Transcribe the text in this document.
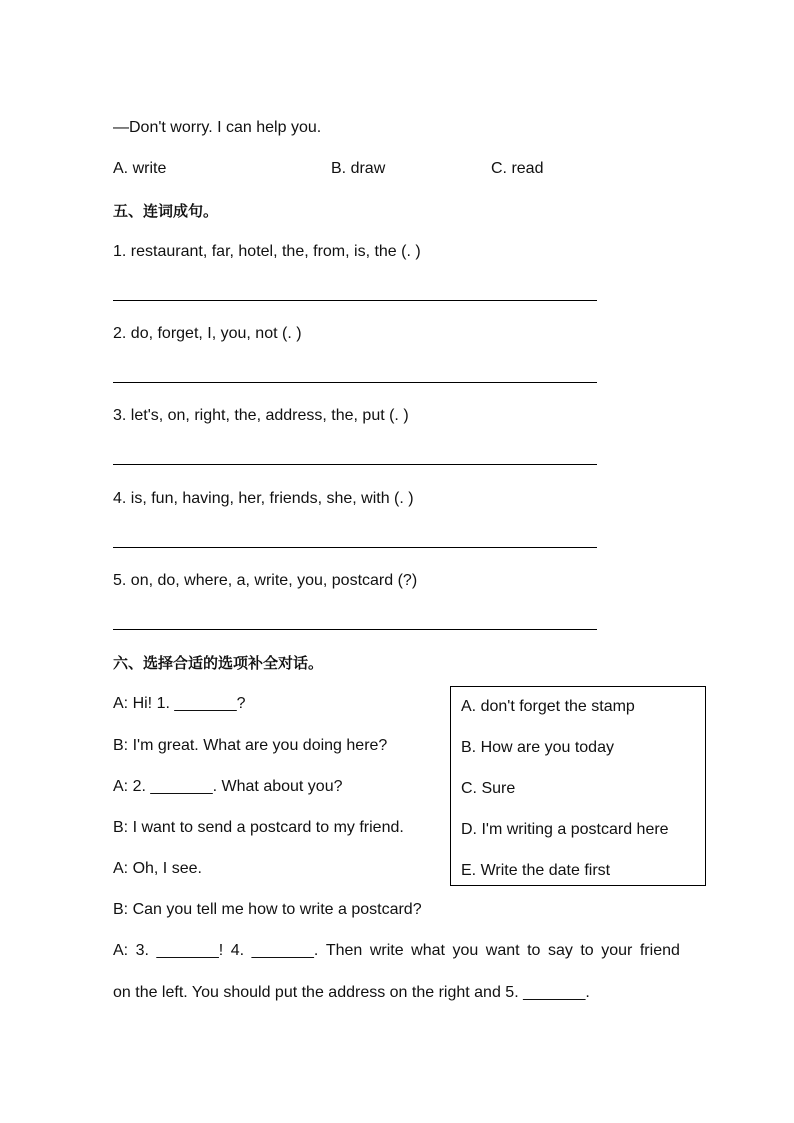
—Don't worry. I can help you.
A. write	B. draw	C. read
五、连词成句。
1. restaurant, far, hotel, the, from, is, the (. )
2. do, forget, I, you, not (. )
3. let's, on, right, the, address, the, put (. )
4. is, fun, having, her, friends, she, with (. )
5. on, do, where, a, write, you, postcard (?)
六、选择合适的选项补全对话。
A: Hi! 1. _______?
B: I'm great. What are you doing here?
A: 2. _______. What about you?
B: I want to send a postcard to my friend.
A: Oh, I see.
B: Can you tell me how to write a postcard?
A: 3. _______! 4. _______. Then write what you want to say to your friend
on the left. You should put the address on the right and 5. _______.
A. don't forget the stamp
B. How are you today
C. Sure
D. I'm writing a postcard here
E. Write the date first
